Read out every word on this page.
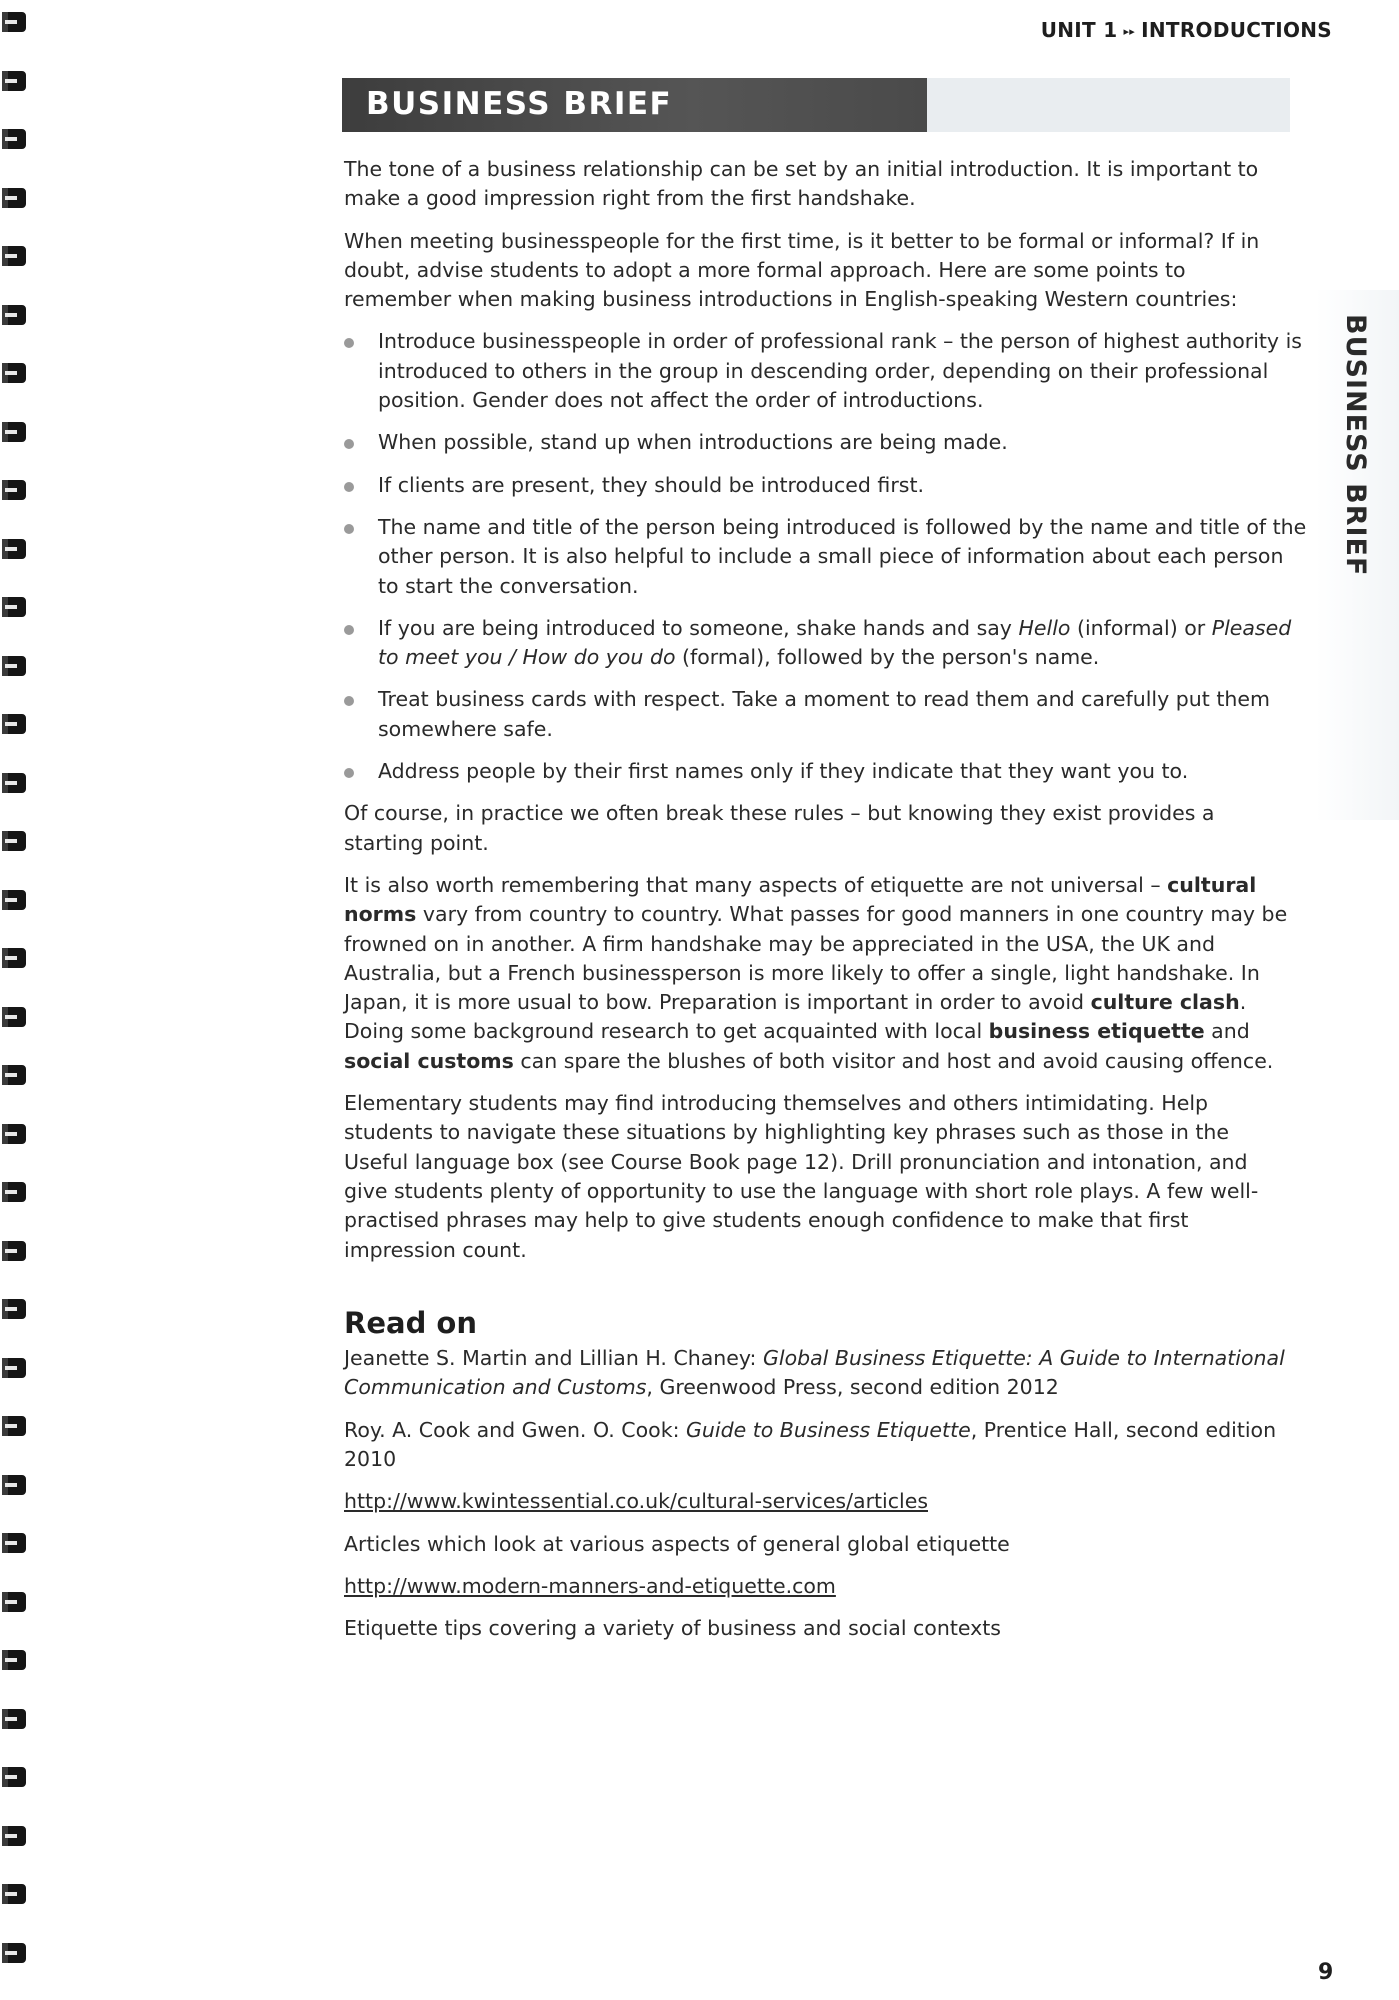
UNIT 1 ▸▸ INTRODUCTIONS
BUSINESS BRIEF
BUSINESS BRIEF

The tone of a business relationship can be set by an initial introduction. It is important to make a good impression right from the first handshake.

When meeting businesspeople for the first time, is it better to be formal or informal? If in doubt, advise students to adopt a more formal approach. Here are some points to remember when making business introductions in English-speaking Western countries:

Introduce businesspeople in order of professional rank – the person of highest authority is introduced to others in the group in descending order, depending on their professional position. Gender does not affect the order of introductions.
When possible, stand up when introductions are being made.
If clients are present, they should be introduced first.
The name and title of the person being introduced is followed by the name and title of the other person. It is also helpful to include a small piece of information about each person to start the conversation.
If you are being introduced to someone, shake hands and say Hello (informal) or Pleased to meet you / How do you do (formal), followed by the person's name.
Treat business cards with respect. Take a moment to read them and carefully put them somewhere safe.
Address people by their first names only if they indicate that they want you to.

Of course, in practice we often break these rules – but knowing they exist provides a starting point.

It is also worth remembering that many aspects of etiquette are not universal – cultural norms vary from country to country. What passes for good manners in one country may be frowned on in another. A firm handshake may be appreciated in the USA, the UK and Australia, but a French businessperson is more likely to offer a single, light handshake. In Japan, it is more usual to bow. Preparation is important in order to avoid culture clash. Doing some background research to get acquainted with local business etiquette and social customs can spare the blushes of both visitor and host and avoid causing offence.

Elementary students may find introducing themselves and others intimidating. Help students to navigate these situations by highlighting key phrases such as those in the Useful language box (see Course Book page 12). Drill pronunciation and intonation, and give students plenty of opportunity to use the language with short role plays. A few well-practised phrases may help to give students enough confidence to make that first impression count.

Read on

Jeanette S. Martin and Lillian H. Chaney: Global Business Etiquette: A Guide to International Communication and Customs, Greenwood Press, second edition 2012

Roy. A. Cook and Gwen. O. Cook: Guide to Business Etiquette, Prentice Hall, second edition 2010

http://www.kwintessential.co.uk/cultural-services/articles

Articles which look at various aspects of general global etiquette

http://www.modern-manners-and-etiquette.com

Etiquette tips covering a variety of business and social contexts

9
